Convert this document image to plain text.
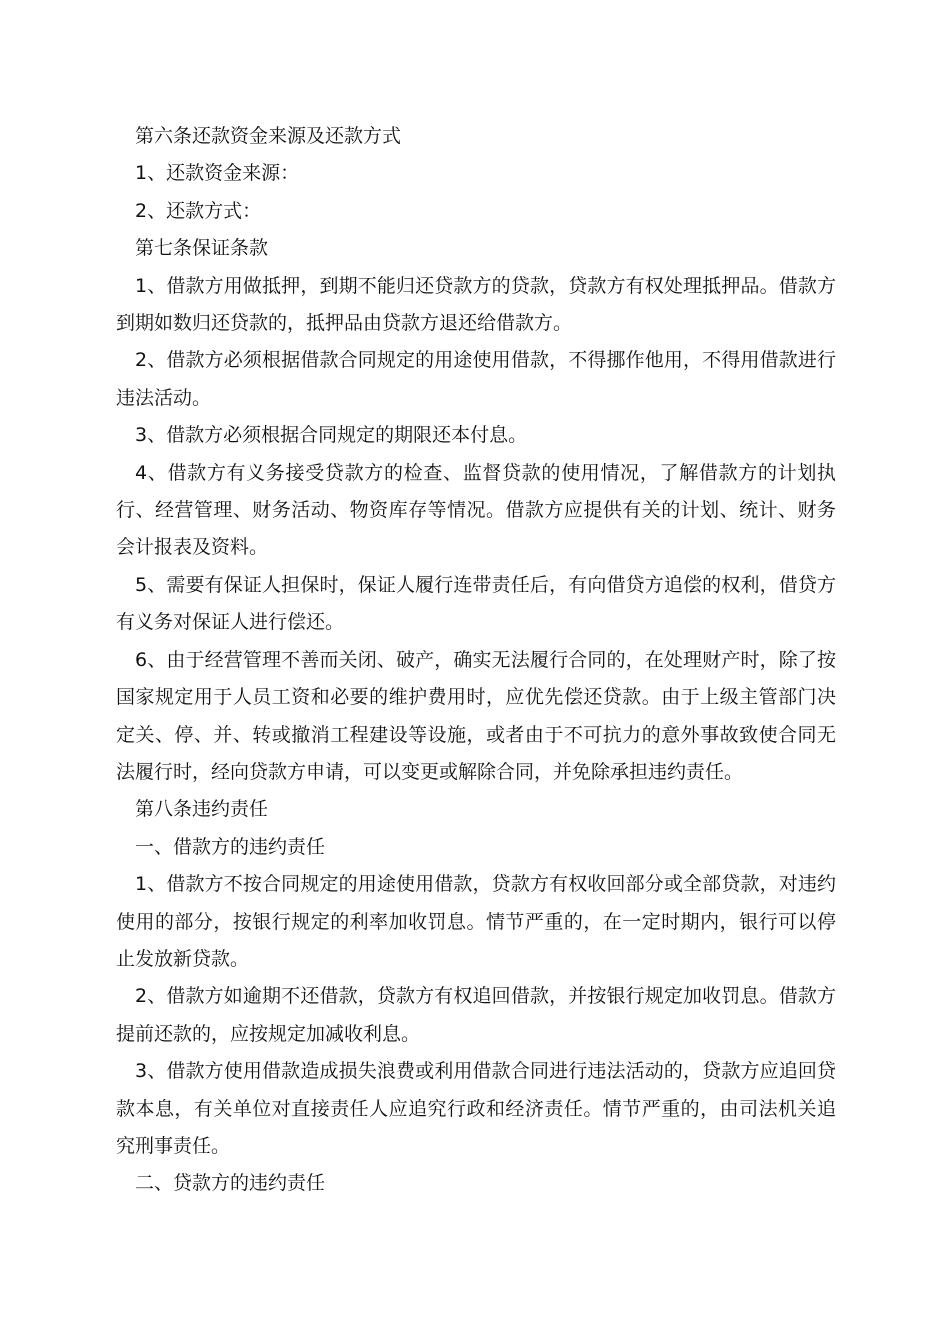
第六条还款资金来源及还款方式

1、还款资金来源：

2、还款方式：

第七条保证条款

1、借款方用做抵押，到期不能归还贷款方的贷款，贷款方有权处理抵押品。借款方到期如数归还贷款的，抵押品由贷款方退还给借款方。

2、借款方必须根据借款合同规定的用途使用借款，不得挪作他用，不得用借款进行违法活动。

3、借款方必须根据合同规定的期限还本付息。

4、借款方有义务接受贷款方的检查、监督贷款的使用情况，了解借款方的计划执行、经营管理、财务活动、物资库存等情况。借款方应提供有关的计划、统计、财务会计报表及资料。

5、需要有保证人担保时，保证人履行连带责任后，有向借贷方追偿的权利，借贷方有义务对保证人进行偿还。

6、由于经营管理不善而关闭、破产，确实无法履行合同的，在处理财产时，除了按国家规定用于人员工资和必要的维护费用时，应优先偿还贷款。由于上级主管部门决定关、停、并、转或撤消工程建设等设施，或者由于不可抗力的意外事故致使合同无法履行时，经向贷款方申请，可以变更或解除合同，并免除承担违约责任。

第八条违约责任

一、借款方的违约责任

1、借款方不按合同规定的用途使用借款，贷款方有权收回部分或全部贷款，对违约使用的部分，按银行规定的利率加收罚息。情节严重的，在一定时期内，银行可以停止发放新贷款。

2、借款方如逾期不还借款，贷款方有权追回借款，并按银行规定加收罚息。借款方提前还款的，应按规定加减收利息。

3、借款方使用借款造成损失浪费或利用借款合同进行违法活动的，贷款方应追回贷款本息，有关单位对直接责任人应追究行政和经济责任。情节严重的，由司法机关追究刑事责任。

二、贷款方的违约责任
